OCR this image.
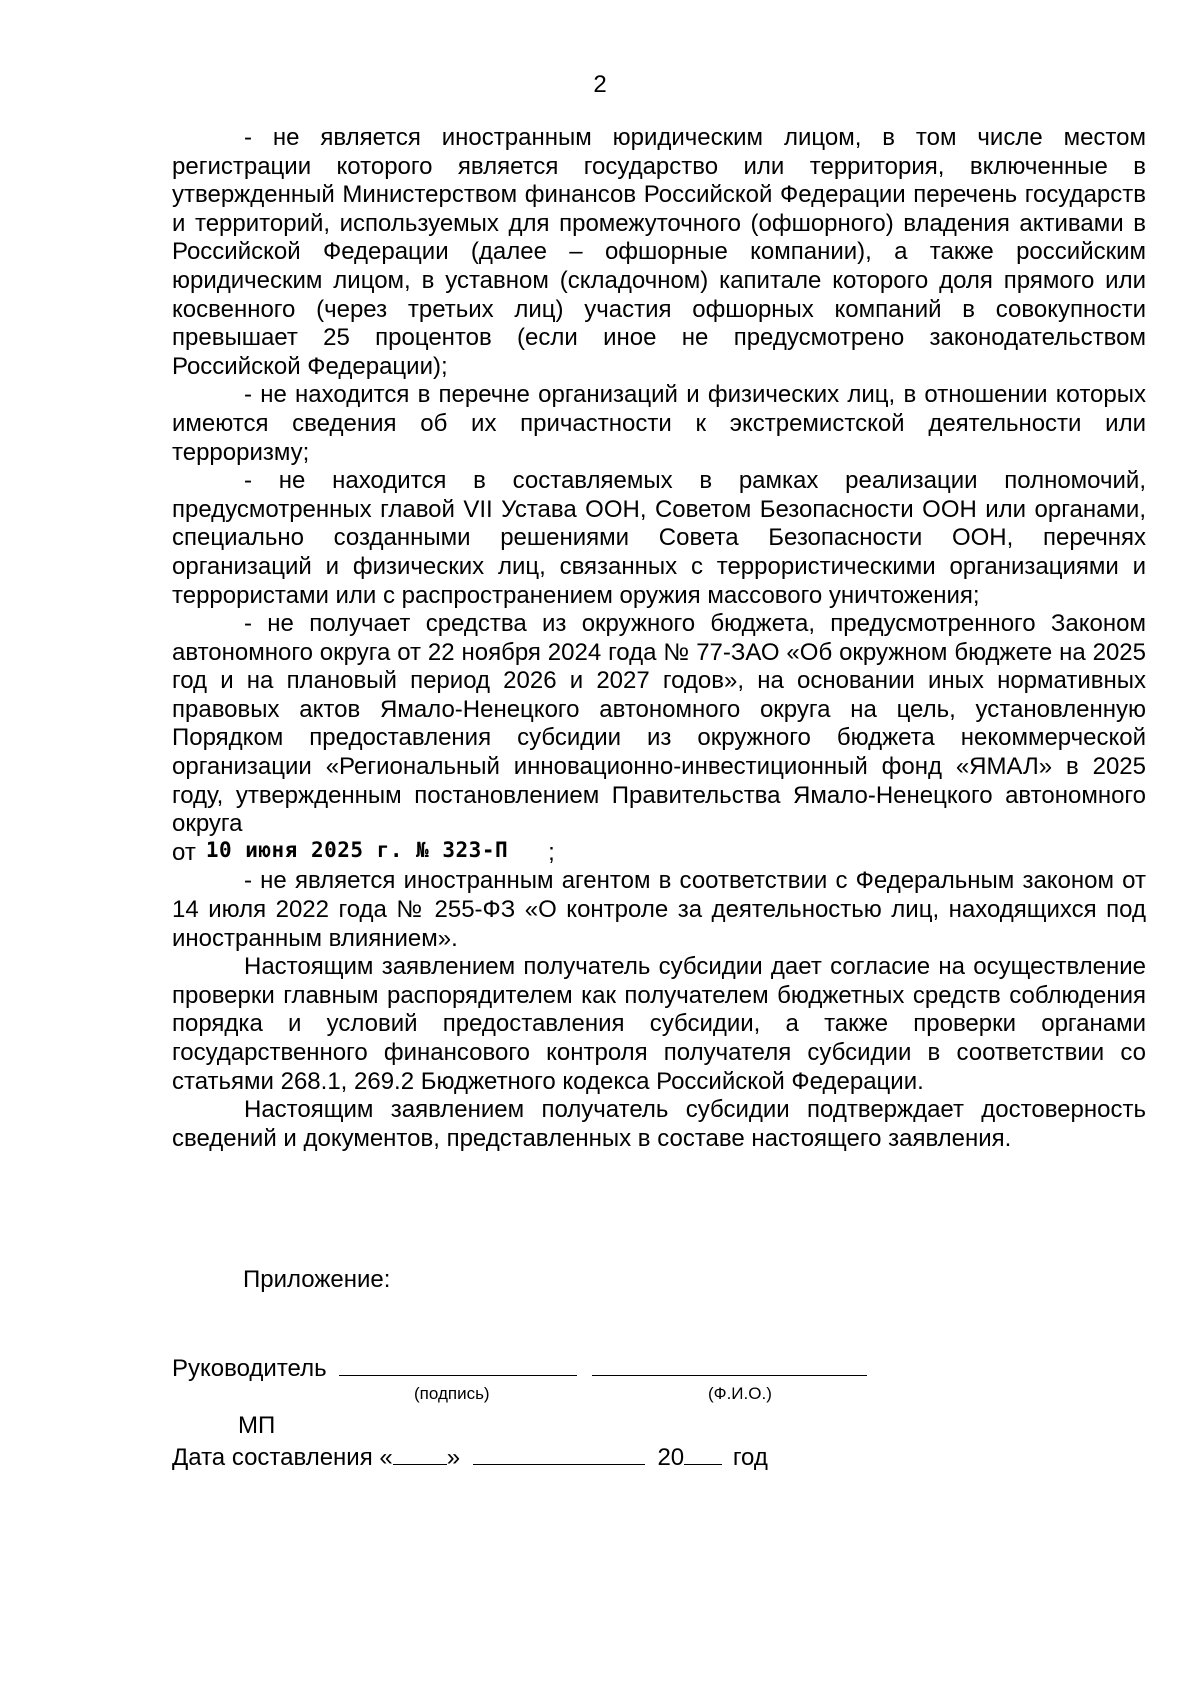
2

- не является иностранным юридическим лицом, в том числе местом регистрации которого является государство или территория, включенные в утвержденный Министерством финансов Российской Федерации перечень государств и территорий, используемых для промежуточного (офшорного) владения активами в Российской Федерации (далее – офшорные компании), а также российским юридическим лицом, в уставном (складочном) капитале которого доля прямого или косвенного (через третьих лиц) участия офшорных компаний в совокупности превышает 25 процентов (если иное не предусмотрено законодательством Российской Федерации);

- не находится в перечне организаций и физических лиц, в отношении которых имеются сведения об их причастности к экстремистской деятельности или терроризму;

- не находится в составляемых в рамках реализации полномочий, предусмотренных главой VII Устава ООН, Советом Безопасности ООН или органами, специально созданными решениями Совета Безопасности ООН, перечнях организаций и физических лиц, связанных с террористическими организациями и террористами или с распространением оружия массового уничтожения;

- не получает средства из окружного бюджета, предусмотренного Законом автономного округа от 22 ноября 2024 года № 77-ЗАО «Об окружном бюджете на 2025 год и на плановый период 2026 и 2027 годов», на основании иных нормативных правовых актов Ямало-Ненецкого автономного округа на цель, установленную Порядком предоставления субсидии из окружного бюджета некоммерческой организации «Региональный инновационно-инвестиционный фонд «ЯМАЛ» в 2025 году, утвержденным постановлением Правительства Ямало-Ненецкого автономного округа

от 10 июня 2025 г. № 323-П ;

- не является иностранным агентом в соответствии с Федеральным законом от 14 июля 2022 года № 255-ФЗ «О контроле за деятельностью лиц, находящихся под иностранным влиянием».

Настоящим заявлением получатель субсидии дает согласие на осуществление проверки главным распорядителем как получателем бюджетных средств соблюдения порядка и условий предоставления субсидии, а также проверки органами государственного финансового контроля получателя субсидии в соответствии со статьями 268.1, 269.2 Бюджетного кодекса Российской Федерации.

Настоящим заявлением получатель субсидии подтверждает достоверность сведений и документов, представленных в составе настоящего заявления.

Приложение:

Руководитель
(подпись)	(Ф.И.О.)
МП
Дата составления « »	20 год
